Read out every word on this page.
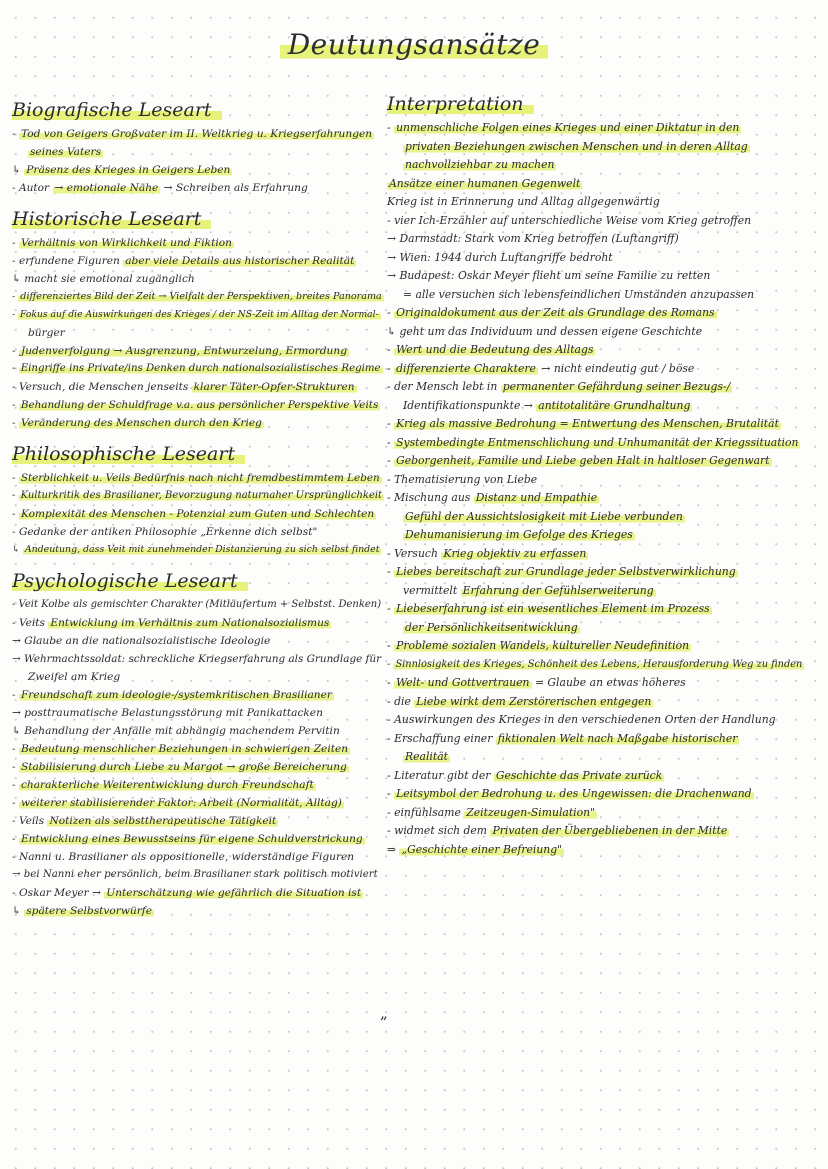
Deutungsansätze
Biografische Leseart
- Tod von Geigers Großvater im II. Weltkrieg u. Kriegserfahrungen
seines Vaters
↳ Präsenz des Krieges in Geigers Leben
- Autor → emotionale Nähe → Schreiben als Erfahrung
Historische Leseart
- Verhältnis von Wirklichkeit und Fiktion
- erfundene Figuren aber viele Details aus historischer Realität
↳ macht sie emotional zugänglich
- differenziertes Bild der Zeit → Vielfalt der Perspektiven, breites Panorama
- Fokus auf die Auswirkungen des Krieges / der NS-Zeit im Alltag der Normal-
bürger
- Judenverfolgung → Ausgrenzung, Entwurzelung, Ermordung
- Eingriffe ins Private/ins Denken durch nationalsozialistisches Regime
- Versuch, die Menschen jenseits klarer Täter-Opfer-Strukturen
- Behandlung der Schuldfrage v.a. aus persönlicher Perspektive Veits
- Veränderung des Menschen durch den Krieg
Philosophische Leseart
- Sterblichkeit u. Veils Bedürfnis nach nicht fremdbestimmtem Leben
- Kulturkritik des Brasilianer, Bevorzugung naturnaher Ursprünglichkeit
- Komplexität des Menschen - Potenzial zum Guten und Schlechten
- Gedanke der antiken Philosophie „Erkenne dich selbst"
↳ Andeutung, dass Veit mit zunehmender Distanzierung zu sich selbst findet
Psychologische Leseart
- Veit Kolbe als gemischter Charakter (Mitläufertum + Selbstst. Denken)
- Veits Entwicklung im Verhältnis zum Nationalsozialismus
→ Glaube an die nationalsozialistische Ideologie
→ Wehrmachtssoldat: schreckliche Kriegserfahrung als Grundlage für
Zweifel am Krieg
- Freundschaft zum ideologie-/systemkritischen Brasilianer
→ posttraumatische Belastungsstörung mit Panikattacken
↳ Behandlung der Anfälle mit abhängig machendem Pervitin
- Bedeutung menschlicher Beziehungen in schwierigen Zeiten
- Stabilisierung durch Liebe zu Margot → große Bereicherung
- charakterliche Weiterentwicklung durch Freundschaft
- weiterer stabilisierender Faktor: Arbeit (Normalität, Alltag)
- Veils Notizen als selbsttherapeutische Tätigkeit
- Entwicklung eines Bewusstseins für eigene Schuldverstrickung
- Nanni u. Brasilianer als oppositionelle, widerständige Figuren
→ bei Nanni eher persönlich, beim Brasilianer stark politisch motiviert
- Oskar Meyer → Unterschätzung wie gefährlich die Situation ist
↳ spätere Selbstvorwürfe
Interpretation
- unmenschliche Folgen eines Krieges und einer Diktatur in den
privaten Beziehungen zwischen Menschen und in deren Alltag
nachvollziehbar zu machen
Ansätze einer humanen Gegenwelt
Krieg ist in Erinnerung und Alltag allgegenwärtig
- vier Ich-Erzähler auf unterschiedliche Weise vom Krieg getroffen
→ Darmstadt: Stark vom Krieg betroffen (Luftangriff)
→ Wien: 1944 durch Luftangriffe bedroht
→ Budapest: Oskar Meyer flieht um seine Familie zu retten
= alle versuchen sich lebensfeindlichen Umständen anzupassen
- Originaldokument aus der Zeit als Grundlage des Romans
↳ geht um das Individuum und dessen eigene Geschichte
- Wert und die Bedeutung des Alltags
- differenzierte Charaktere → nicht eindeutig gut / böse
- der Mensch lebt in permanenter Gefährdung seiner Bezugs-/
Identifikationspunkte → antitotalitäre Grundhaltung
- Krieg als massive Bedrohung = Entwertung des Menschen, Brutalität
- Systembedingte Entmenschlichung und Unhumanität der Kriegssituation
- Geborgenheit, Familie und Liebe geben Halt in haltloser Gegenwart
- Thematisierung von Liebe
- Mischung aus Distanz und Empathie
Gefühl der Aussichtslosigkeit mit Liebe verbunden
Dehumanisierung im Gefolge des Krieges
- Versuch Krieg objektiv zu erfassen
- Liebes bereitschaft zur Grundlage jeder Selbstverwirklichung
vermittelt Erfahrung der Gefühlserweiterung
- Liebeserfahrung ist ein wesentliches Element im Prozess
der Persönlichkeitsentwicklung
- Probleme sozialen Wandels, kultureller Neudefinition
- Sinnlosigkeit des Krieges, Schönheit des Lebens, Herausforderung Weg zu finden
- Welt- und Gottvertrauen = Glaube an etwas höheres
- die Liebe wirkt dem Zerstörerischen entgegen
- Auswirkungen des Krieges in den verschiedenen Orten der Handlung
- Erschaffung einer fiktionalen Welt nach Maßgabe historischer
Realität
- Literatur gibt der Geschichte das Private zurück
- Leitsymbol der Bedrohung u. des Ungewissen: die Drachenwand
- einfühlsame Zeitzeugen-Simulation"
- widmet sich dem Privaten der Übergebliebenen in der Mitte
⇒ „Geschichte einer Befreiung"
„
